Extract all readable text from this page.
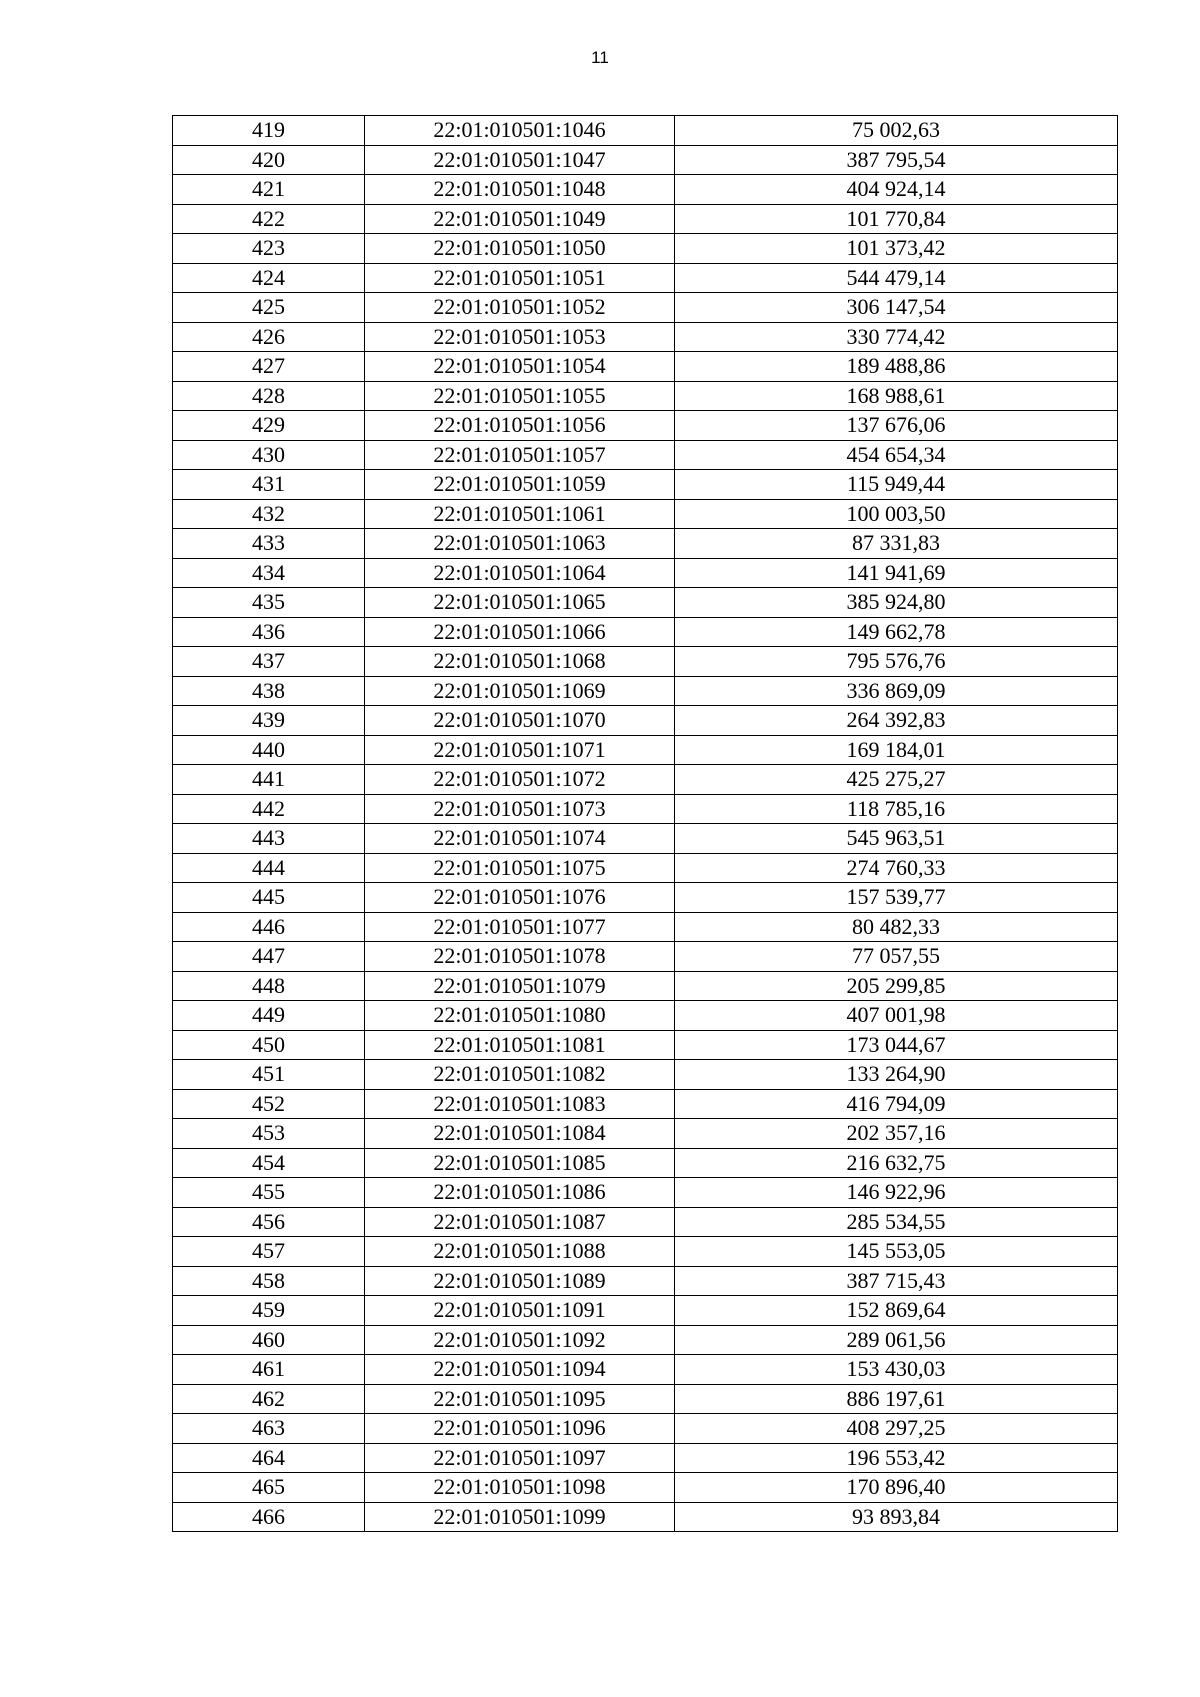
11
419	22:01:010501:1046	75 002,63
420	22:01:010501:1047	387 795,54
421	22:01:010501:1048	404 924,14
422	22:01:010501:1049	101 770,84
423	22:01:010501:1050	101 373,42
424	22:01:010501:1051	544 479,14
425	22:01:010501:1052	306 147,54
426	22:01:010501:1053	330 774,42
427	22:01:010501:1054	189 488,86
428	22:01:010501:1055	168 988,61
429	22:01:010501:1056	137 676,06
430	22:01:010501:1057	454 654,34
431	22:01:010501:1059	115 949,44
432	22:01:010501:1061	100 003,50
433	22:01:010501:1063	87 331,83
434	22:01:010501:1064	141 941,69
435	22:01:010501:1065	385 924,80
436	22:01:010501:1066	149 662,78
437	22:01:010501:1068	795 576,76
438	22:01:010501:1069	336 869,09
439	22:01:010501:1070	264 392,83
440	22:01:010501:1071	169 184,01
441	22:01:010501:1072	425 275,27
442	22:01:010501:1073	118 785,16
443	22:01:010501:1074	545 963,51
444	22:01:010501:1075	274 760,33
445	22:01:010501:1076	157 539,77
446	22:01:010501:1077	80 482,33
447	22:01:010501:1078	77 057,55
448	22:01:010501:1079	205 299,85
449	22:01:010501:1080	407 001,98
450	22:01:010501:1081	173 044,67
451	22:01:010501:1082	133 264,90
452	22:01:010501:1083	416 794,09
453	22:01:010501:1084	202 357,16
454	22:01:010501:1085	216 632,75
455	22:01:010501:1086	146 922,96
456	22:01:010501:1087	285 534,55
457	22:01:010501:1088	145 553,05
458	22:01:010501:1089	387 715,43
459	22:01:010501:1091	152 869,64
460	22:01:010501:1092	289 061,56
461	22:01:010501:1094	153 430,03
462	22:01:010501:1095	886 197,61
463	22:01:010501:1096	408 297,25
464	22:01:010501:1097	196 553,42
465	22:01:010501:1098	170 896,40
466	22:01:010501:1099	93 893,84
